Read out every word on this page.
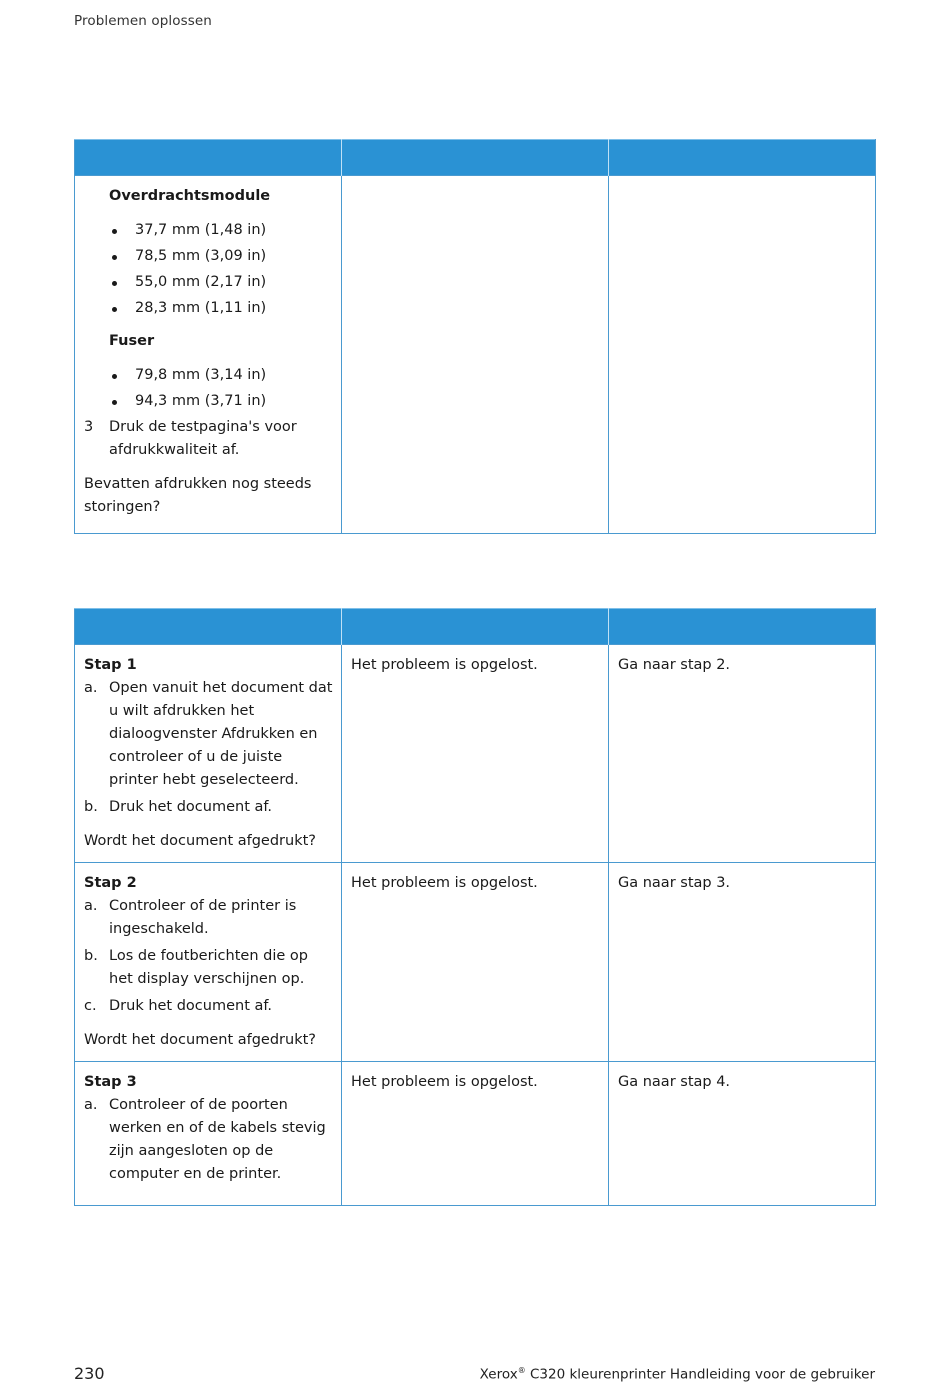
Problemen oplossen

Overdrachtsmodule

37,7 mm (1,48 in)
78,5 mm (3,09 in)
55,0 mm (2,17 in)
28,3 mm (1,11 in)

Fuser

79,8 mm (3,14 in)
94,3 mm (3,71 in)
3	Druk de testpagina's voor afdrukkwaliteit af.

Bevatten afdrukken nog steeds storingen?

Stap 1

a. Open vanuit het document dat u wilt afdrukken het dialoogvenster Afdrukken en controleer of u de juiste printer hebt geselecteerd.
b. Druk het document af.

Wordt het document afgedrukt?

	Het probleem is opgelost.	Ga naar stap 2.

Stap 2

a. Controleer of de printer is ingeschakeld.
b. Los de foutberichten die op het display verschijnen op.
c. Druk het document af.

Wordt het document afgedrukt?

	Het probleem is opgelost.	Ga naar stap 3.

Stap 3

a. Controleer of de poorten werken en of de kabels stevig zijn aangesloten op de computer en de printer.
	Het probleem is opgelost.	Ga naar stap 4.
230	Xerox® C320 kleurenprinter Handleiding voor de gebruiker
